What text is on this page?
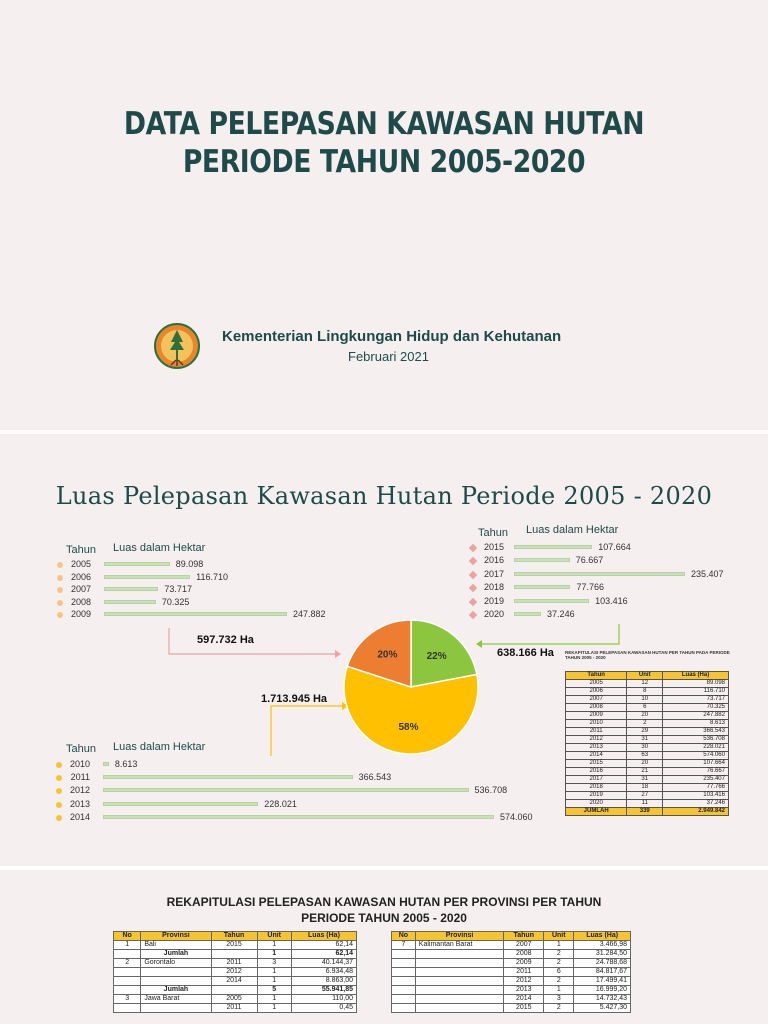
DATA PELEPASAN KAWASAN HUTAN
PERIODE TAHUN 2005-2020
Kementerian Lingkungan Hidup dan Kehutanan
Februari 2021
Luas Pelepasan Kawasan Hutan Periode 2005 - 2020
Tahun Luas dalam Hektar
Tahun Luas dalam Hektar
Tahun Luas dalam Hektar
2005	89.098
2006	116.710
2007	73.717
2008	70.325
2009	247.882
2015	107.664
2016	76.667
2017	235.407
2018	77.766
2019	103.416
2020	37.246
2010	8.613
2011	366.543
2012	536.708
2013	228.021
2014	574.060
22%
58%
20%
597.732 Ha
638.166 Ha
1.713.945 Ha
REKAPITULASI PELEPASAN KAWASAN HUTAN PER TAHUN PADA PERIODE TAHUN 2005 - 2020
Tahun	Unit	Luas (Ha)
2005	12	89.098
2006	8	116.710
2007	10	73.717
2008	6	70.325
2009	20	247.882
2010	2	8.613
2011	29	366.543
2012	31	536.708
2013	30	228.021
2014	63	574.060
2015	20	107.664
2016	21	76.667
2017	31	235.407
2018	18	77.766
2019	27	103.416
2020	11	37.246
JUMLAH	339	2.949.842
REKAPITULASI PELEPASAN KAWASAN HUTAN PER PROVINSI PER TAHUN
PERIODE TAHUN 2005 - 2020
No	Provinsi	Tahun	Unit	Luas (Ha)
1	Bali	2015	1	62,14
	Jumlah		1	62,14
2	Gorontalo	2011	3	40.144,37
		2012	1	6.934,48
		2014	1	8.863,00
	Jumlah		5	55.941,85
3	Jawa Barat	2005	1	110,00
		2011	1	0,45
No	Provinsi	Tahun	Unit	Luas (Ha)
7	Kalimantan Barat	2007	1	3.466,98
		2008	2	31.284,50
		2009	2	24.788,68
		2011	6	84.817,67
		2012	2	17.499,41
		2013	1	16.999,20
		2014	3	14.732,43
		2015	2	5.427,30
